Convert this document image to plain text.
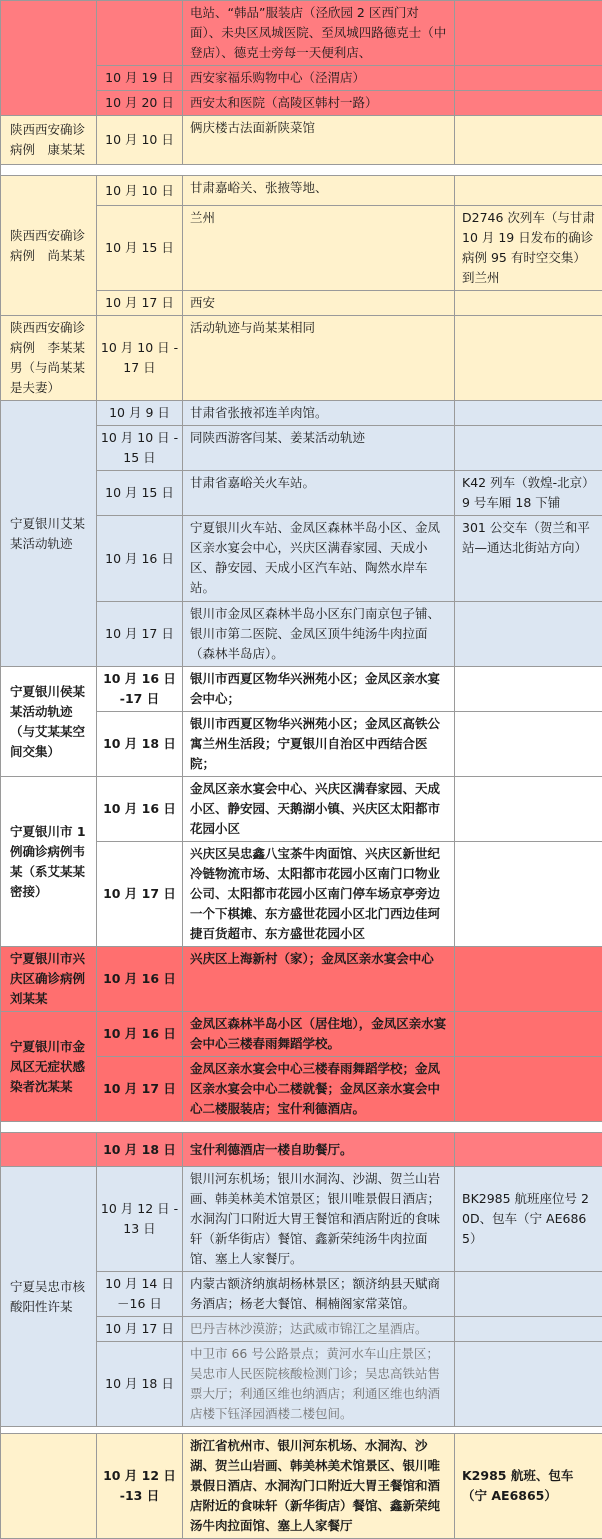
		电站、“韩品”服装店（泾欣园 2 区西门对面）、未央区凤城医院、至凤城四路德克士（中登店）、德克士旁每一天便利店、	
	10 月 19 日	西安家福乐购物中心（泾渭店）	
	10 月 20 日	西安太和医院（高陵区韩村一路）	
陕西西安确诊病例　康某某	10 月 10 日	俩庆楼古法面新陕菜馆	

陕西西安确诊病例　尚某某	10 月 10 日	甘肃嘉峪关、张掖等地、	
	10 月 15 日	兰州	D2746 次列车（与甘肃 10 月 19 日发布的确诊病例 95 有时空交集）到兰州
	10 月 17 日	西安	
陕西西安确诊病例　李某某男（与尚某某是夫妻）	10 月 10 日 -17 日	活动轨迹与尚某某相同	
宁夏银川艾某某活动轨迹	10 月 9 日	甘肃省张掖祁连羊肉馆。	
	10 月 10 日 -15 日	同陕西游客闫某、姜某活动轨迹	
	10 月 15 日	甘肃省嘉峪关火车站。	K42 列车（敦煌-北京）9 号车厢 18 下铺
	10 月 16 日	宁夏银川火车站、金凤区森林半岛小区、金凤区亲水宴会中心，兴庆区满春家园、天成小区、静安园、天成小区汽车站、陶然水岸车站。	301 公交车（贺兰和平站—通达北街站方向）
	10 月 17 日	银川市金凤区森林半岛小区东门南京包子铺、银川市第二医院、金凤区顶牛纯汤牛肉拉面（森林半岛店）。	
宁夏银川侯某某活动轨迹（与艾某某空间交集）	10 月 16 日 -17 日	银川市西夏区物华兴洲苑小区；金凤区亲水宴会中心；	
	10 月 18 日	银川市西夏区物华兴洲苑小区；金凤区高铁公寓兰州生活段；宁夏银川自治区中西结合医院；	
宁夏银川市 1 例确诊病例韦某（系艾某某密接）	10 月 16 日	金凤区亲水宴会中心、兴庆区满春家园、天成小区、静安园、天鹅湖小镇、兴庆区太阳都市花园小区	
	10 月 17 日	兴庆区吴忠鑫八宝茶牛肉面馆、兴庆区新世纪冷链物流市场、太阳都市花园小区南门口物业公司、太阳都市花园小区南门停车场京亭旁边一个下棋摊、东方盛世花园小区北门西边佳珂捷百货超市、东方盛世花园小区	
宁夏银川市兴庆区确诊病例刘某某	10 月 16 日	兴庆区上海新村（家）；金凤区亲水宴会中心	
宁夏银川市金凤区无症状感染者沈某某	10 月 16 日	金凤区森林半岛小区（居住地），金凤区亲水宴会中心三楼春雨舞蹈学校。	
	10 月 17 日	金凤区亲水宴会中心三楼春雨舞蹈学校；金凤区亲水宴会中心二楼就餐；金凤区亲水宴会中心二楼服装店；宝什利德酒店。	

	10 月 18 日	宝什利德酒店一楼自助餐厅。	
宁夏吴忠市核酸阳性许某	10 月 12 日 -13 日	银川河东机场；银川水洞沟、沙湖、贺兰山岩画、韩美林美术馆景区；银川唯景假日酒店；水洞沟门口附近大胃王餐馆和酒店附近的食味轩（新华街店）餐馆、鑫新荣纯汤牛肉拉面馆、塞上人家餐厅。	BK2985 航班座位号 20D、包车（宁 AE6865）
	10 月 14 日 －16 日	内蒙古额济纳旗胡杨林景区；额济纳县天赋商务酒店；杨老大餐馆、桐楠阁家常菜馆。	
	10 月 17 日	巴丹吉林沙漠游；达武威市锦江之星酒店。	
	10 月 18 日	中卫市 66 号公路景点；黄河水车山庄景区；吴忠市人民医院核酸检测门诊；吴忠高铁站售票大厅；利通区维也纳酒店；利通区维也纳酒店楼下钰泽园酒楼二楼包间。	

	10 月 12 日 -13 日	浙江省杭州市、银川河东机场、水洞沟、沙湖、贺兰山岩画、韩美林美术馆景区、银川唯景假日酒店、水洞沟门口附近大胃王餐馆和酒店附近的食味轩（新华街店）餐馆、鑫新荣纯汤牛肉拉面馆、塞上人家餐厅	K2985 航班、包车（宁 AE6865）
